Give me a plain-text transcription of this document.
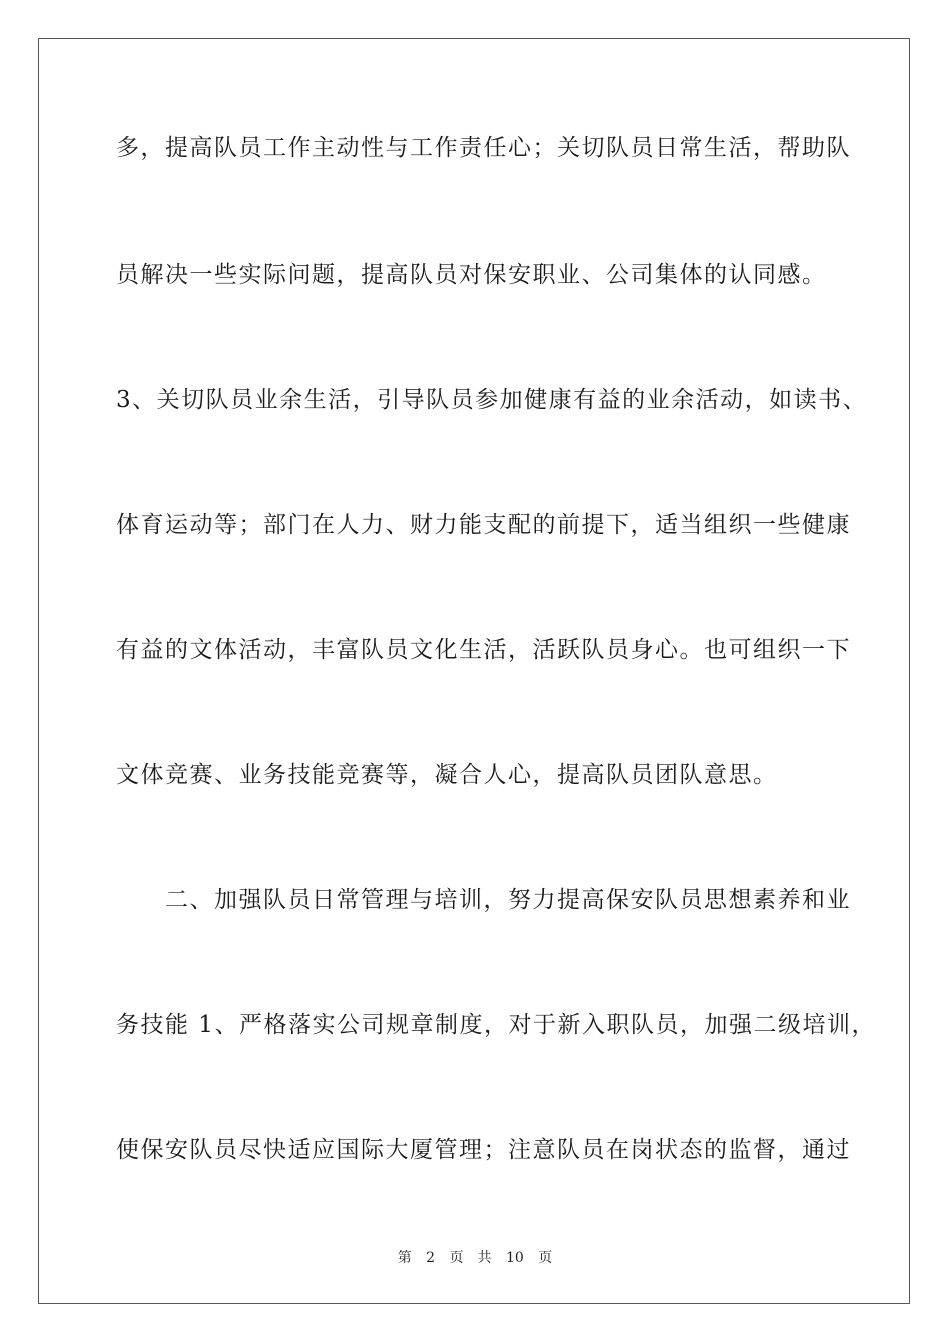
多，提高队员工作主动性与工作责任心；关切队员日常生活，帮助队
员解决一些实际问题，提高队员对保安职业、公司集体的认同感。
3、关切队员业余生活，引导队员参加健康有益的业余活动，如读书、
体育运动等；部门在人力、财力能支配的前提下，适当组织一些健康
有益的文体活动，丰富队员文化生活，活跃队员身心。也可组织一下
文体竞赛、业务技能竞赛等，凝合人心，提高队员团队意思。
　　二、加强队员日常管理与培训，努力提高保安队员思想素养和业
务技能 1、严格落实公司规章制度，对于新入职队员，加强二级培训，
使保安队员尽快适应国际大厦管理；注意队员在岗状态的监督，通过
第 2 页　共 10 页
